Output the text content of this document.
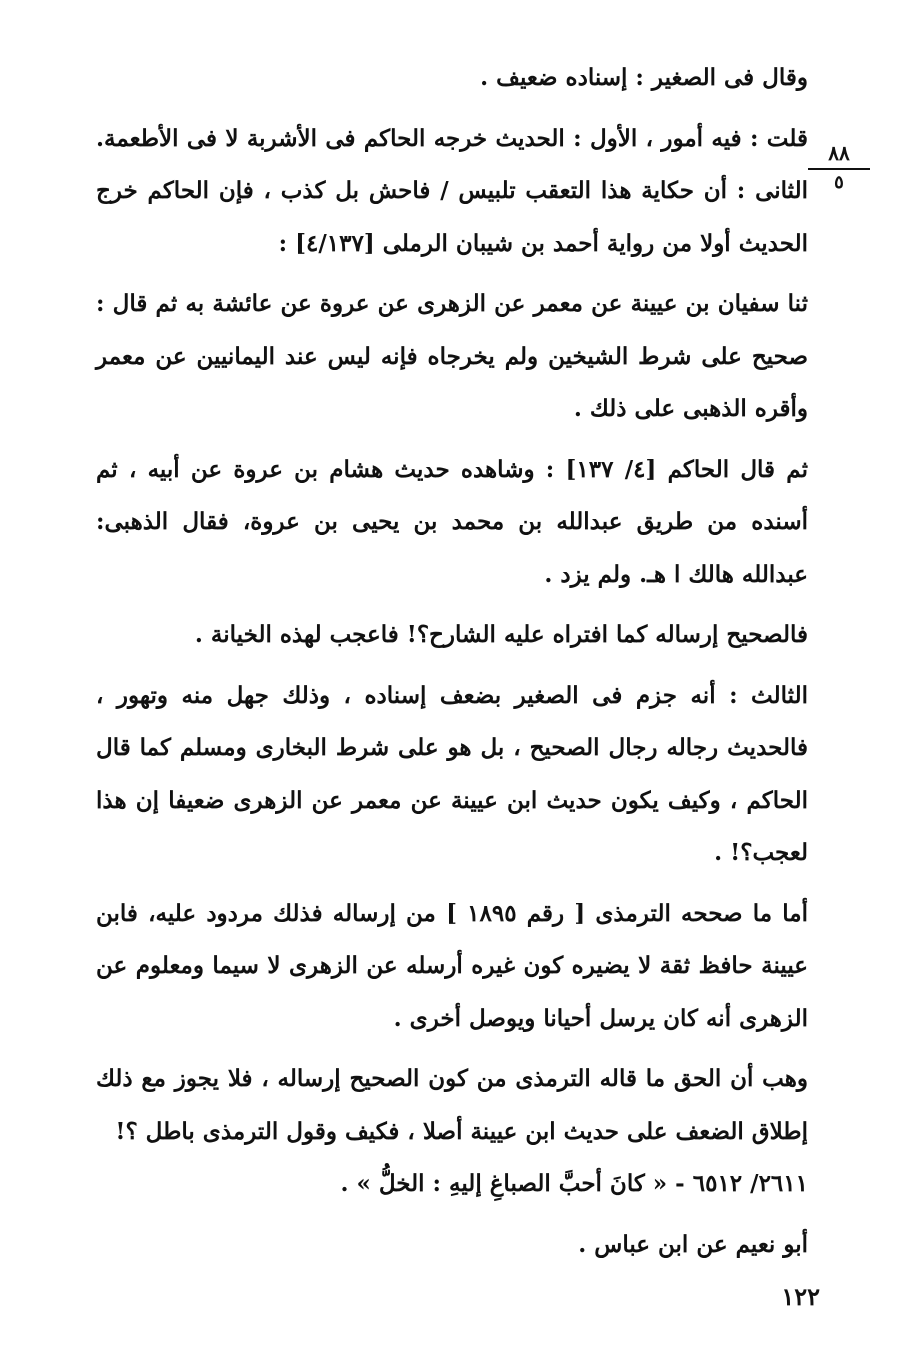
وقال فى الصغير : إسناده ضعيف .

قلت : فيه أمور ، الأول : الحديث خرجه الحاكم فى الأشربة لا فى الأطعمة. الثانى : أن حكاية هذا التعقب تلبيس / فاحش بل كذب ، فإن الحاكم خرج الحديث أولا من رواية أحمد بن شيبان الرملى [٤/١٣٧] :

ثنا سفيان بن عيينة عن معمر عن الزهرى عن عروة عن عائشة به ثم قال : صحيح على شرط الشيخين ولم يخرجاه فإنه ليس عند اليمانيين عن معمر وأقره الذهبى على ذلك .

ثم قال الحاكم [٤/ ١٣٧] : وشاهده حديث هشام بن عروة عن أبيه ، ثم أسنده من طريق عبدالله بن محمد بن يحيى بن عروة، فقال الذهبى: عبدالله هالك ا هـ. ولم يزد .

فالصحيح إرساله كما افتراه عليه الشارح؟! فاعجب لهذه الخيانة .

الثالث : أنه جزم فى الصغير بضعف إسناده ، وذلك جهل منه وتهور ، فالحديث رجاله رجال الصحيح ، بل هو على شرط البخارى ومسلم كما قال الحاكم ، وكيف يكون حديث ابن عيينة عن معمر عن الزهرى ضعيفا إن هذا لعجب؟! .

أما ما صححه الترمذى [ رقم ١٨٩٥ ] من إرساله فذلك مردود عليه، فابن عيينة حافظ ثقة لا يضيره كون غيره أرسله عن الزهرى لا سيما ومعلوم عن الزهرى أنه كان يرسل أحيانا ويوصل أخرى .

وهب أن الحق ما قاله الترمذى من كون الصحيح إرساله ، فلا يجوز مع ذلك إطلاق الضعف على حديث ابن عيينة أصلا ، فكيف وقول الترمذى باطل ؟!

٢٦١١/ ٦٥١٢ - « كانَ أحبَّ الصباغِ إليهِ : الخلُّ » .

أبو نعيم عن ابن عباس .

٨٨
٥
١٢٢
